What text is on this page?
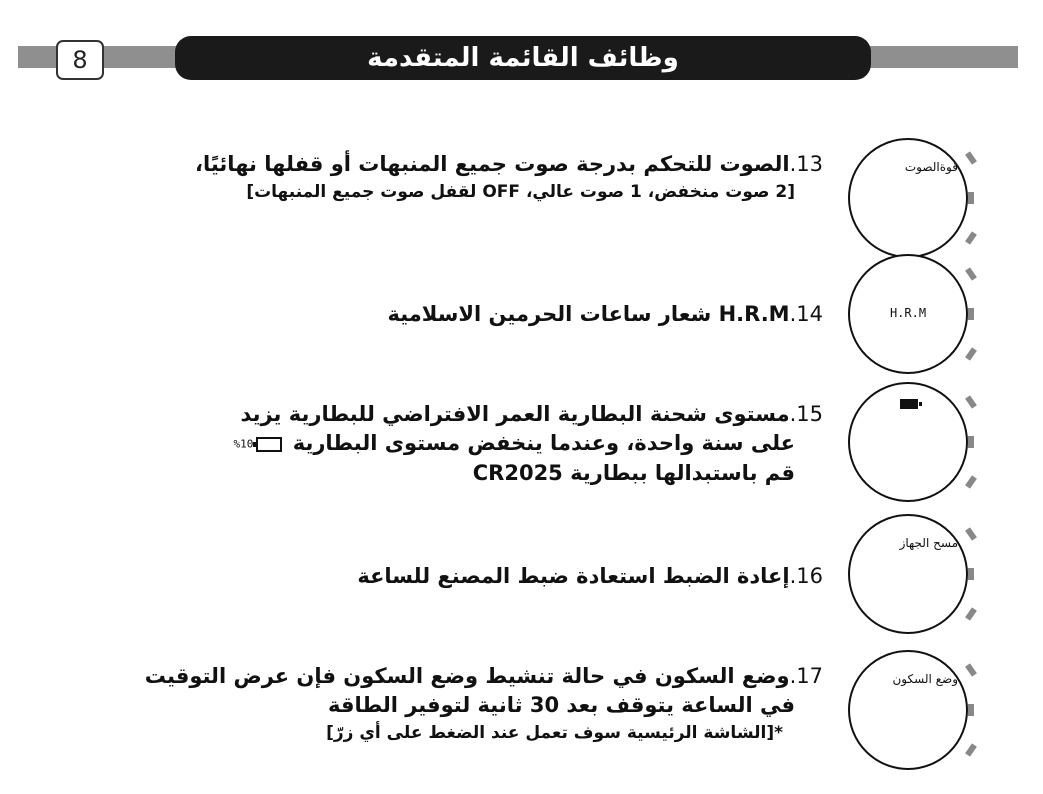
8	وظائف القائمة المتقدمة
13.الصوت للتحكم بدرجة صوت جميع المنبهات أو قفلها نهائيًا،
[2 صوت منخفض، 1 صوت عالي، OFF لقفل صوت جميع المنبهات]
قوةالصوت
14.H.R.M شعار ساعات الحرمين الاسلامية	H.R.M
15.مستوى شحنة البطارية العمر الافتراضي للبطارية يزيد
على سنة واحدة، وعندما ينخفض مستوى البطارية 10%
قم باستبدالها ببطارية CR2025
16.إعادة الضبط استعادة ضبط المصنع للساعة
مسح الجهاز
17.وضع السكون في حالة تنشيط وضع السكون فإن عرض التوقيت
في الساعة يتوقف بعد 30 ثانية لتوفير الطاقة
*[الشاشة الرئيسية سوف تعمل عند الضغط على أي زرّ]
وضع السكون
